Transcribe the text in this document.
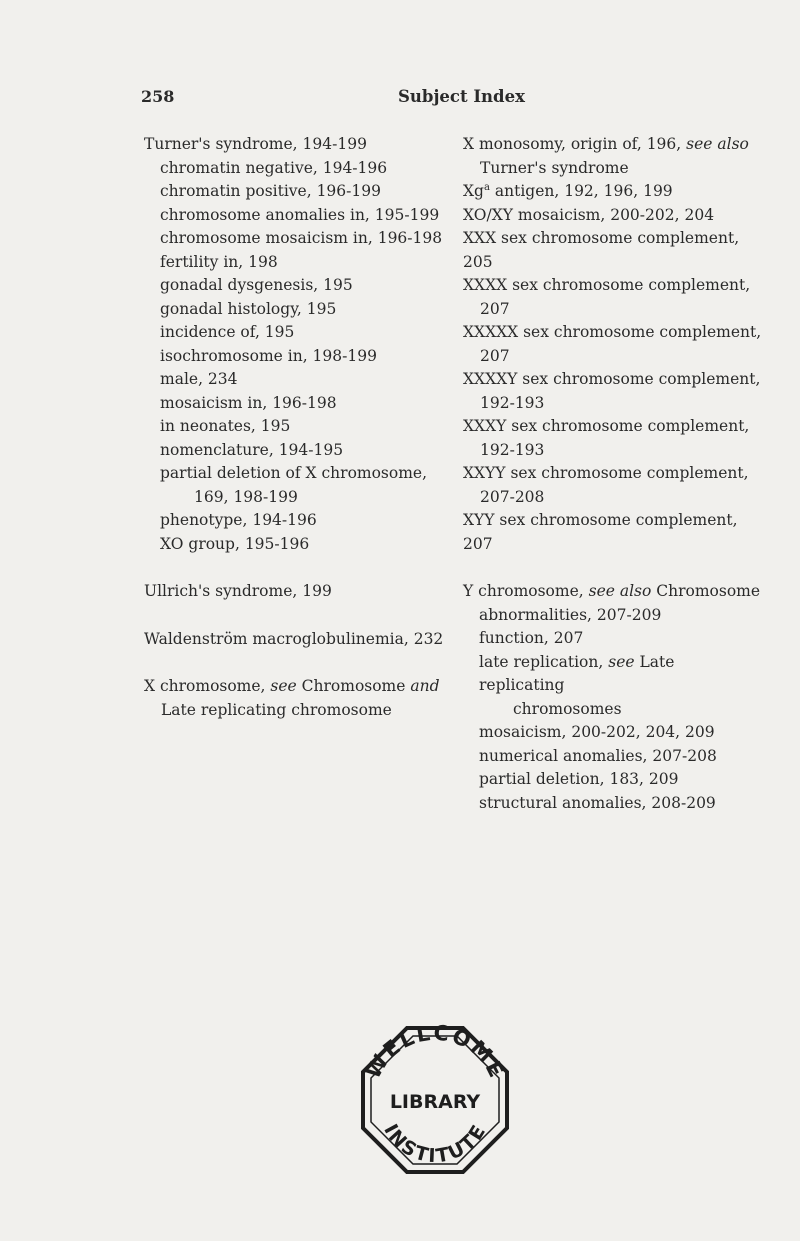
258	Subject Index
Turner's syndrome, 194-199
chromatin negative, 194-196
chromatin positive, 196-199
chromosome anomalies in, 195-199
chromosome mosaicism in, 196-198
fertility in, 198
gonadal dysgenesis, 195
gonadal histology, 195
incidence of, 195
isochromosome in, 198-199
male, 234
mosaicism in, 196-198
in neonates, 195
nomenclature, 194-195
partial deletion of X chromosome,
169, 198-199
phenotype, 194-196
XO group, 195-196
Ullrich's syndrome, 199
Waldenström macroglobulinemia, 232
X chromosome, see Chromosome and
Late replicating chromosome
X monosomy, origin of, 196, see also
Turner's syndrome
Xg$^a$ antigen, 192, 196, 199
XO/XY mosaicism, 200-202, 204
XXX sex chromosome complement, 205
XXXX sex chromosome complement,
207
XXXXX sex chromosome complement,
207
XXXXY sex chromosome complement,
192-193
XXXY sex chromosome complement,
192-193
XXYY sex chromosome complement,
207-208
XYY sex chromosome complement, 207
Y chromosome, see also Chromosome
abnormalities, 207-209
function, 207
late replication, see Late replicating
chromosomes
mosaicism, 200-202, 204, 209
numerical anomalies, 207-208
partial deletion, 183, 209
structural anomalies, 208-209
WELLCOME
INSTITUTE
LIBRARY
